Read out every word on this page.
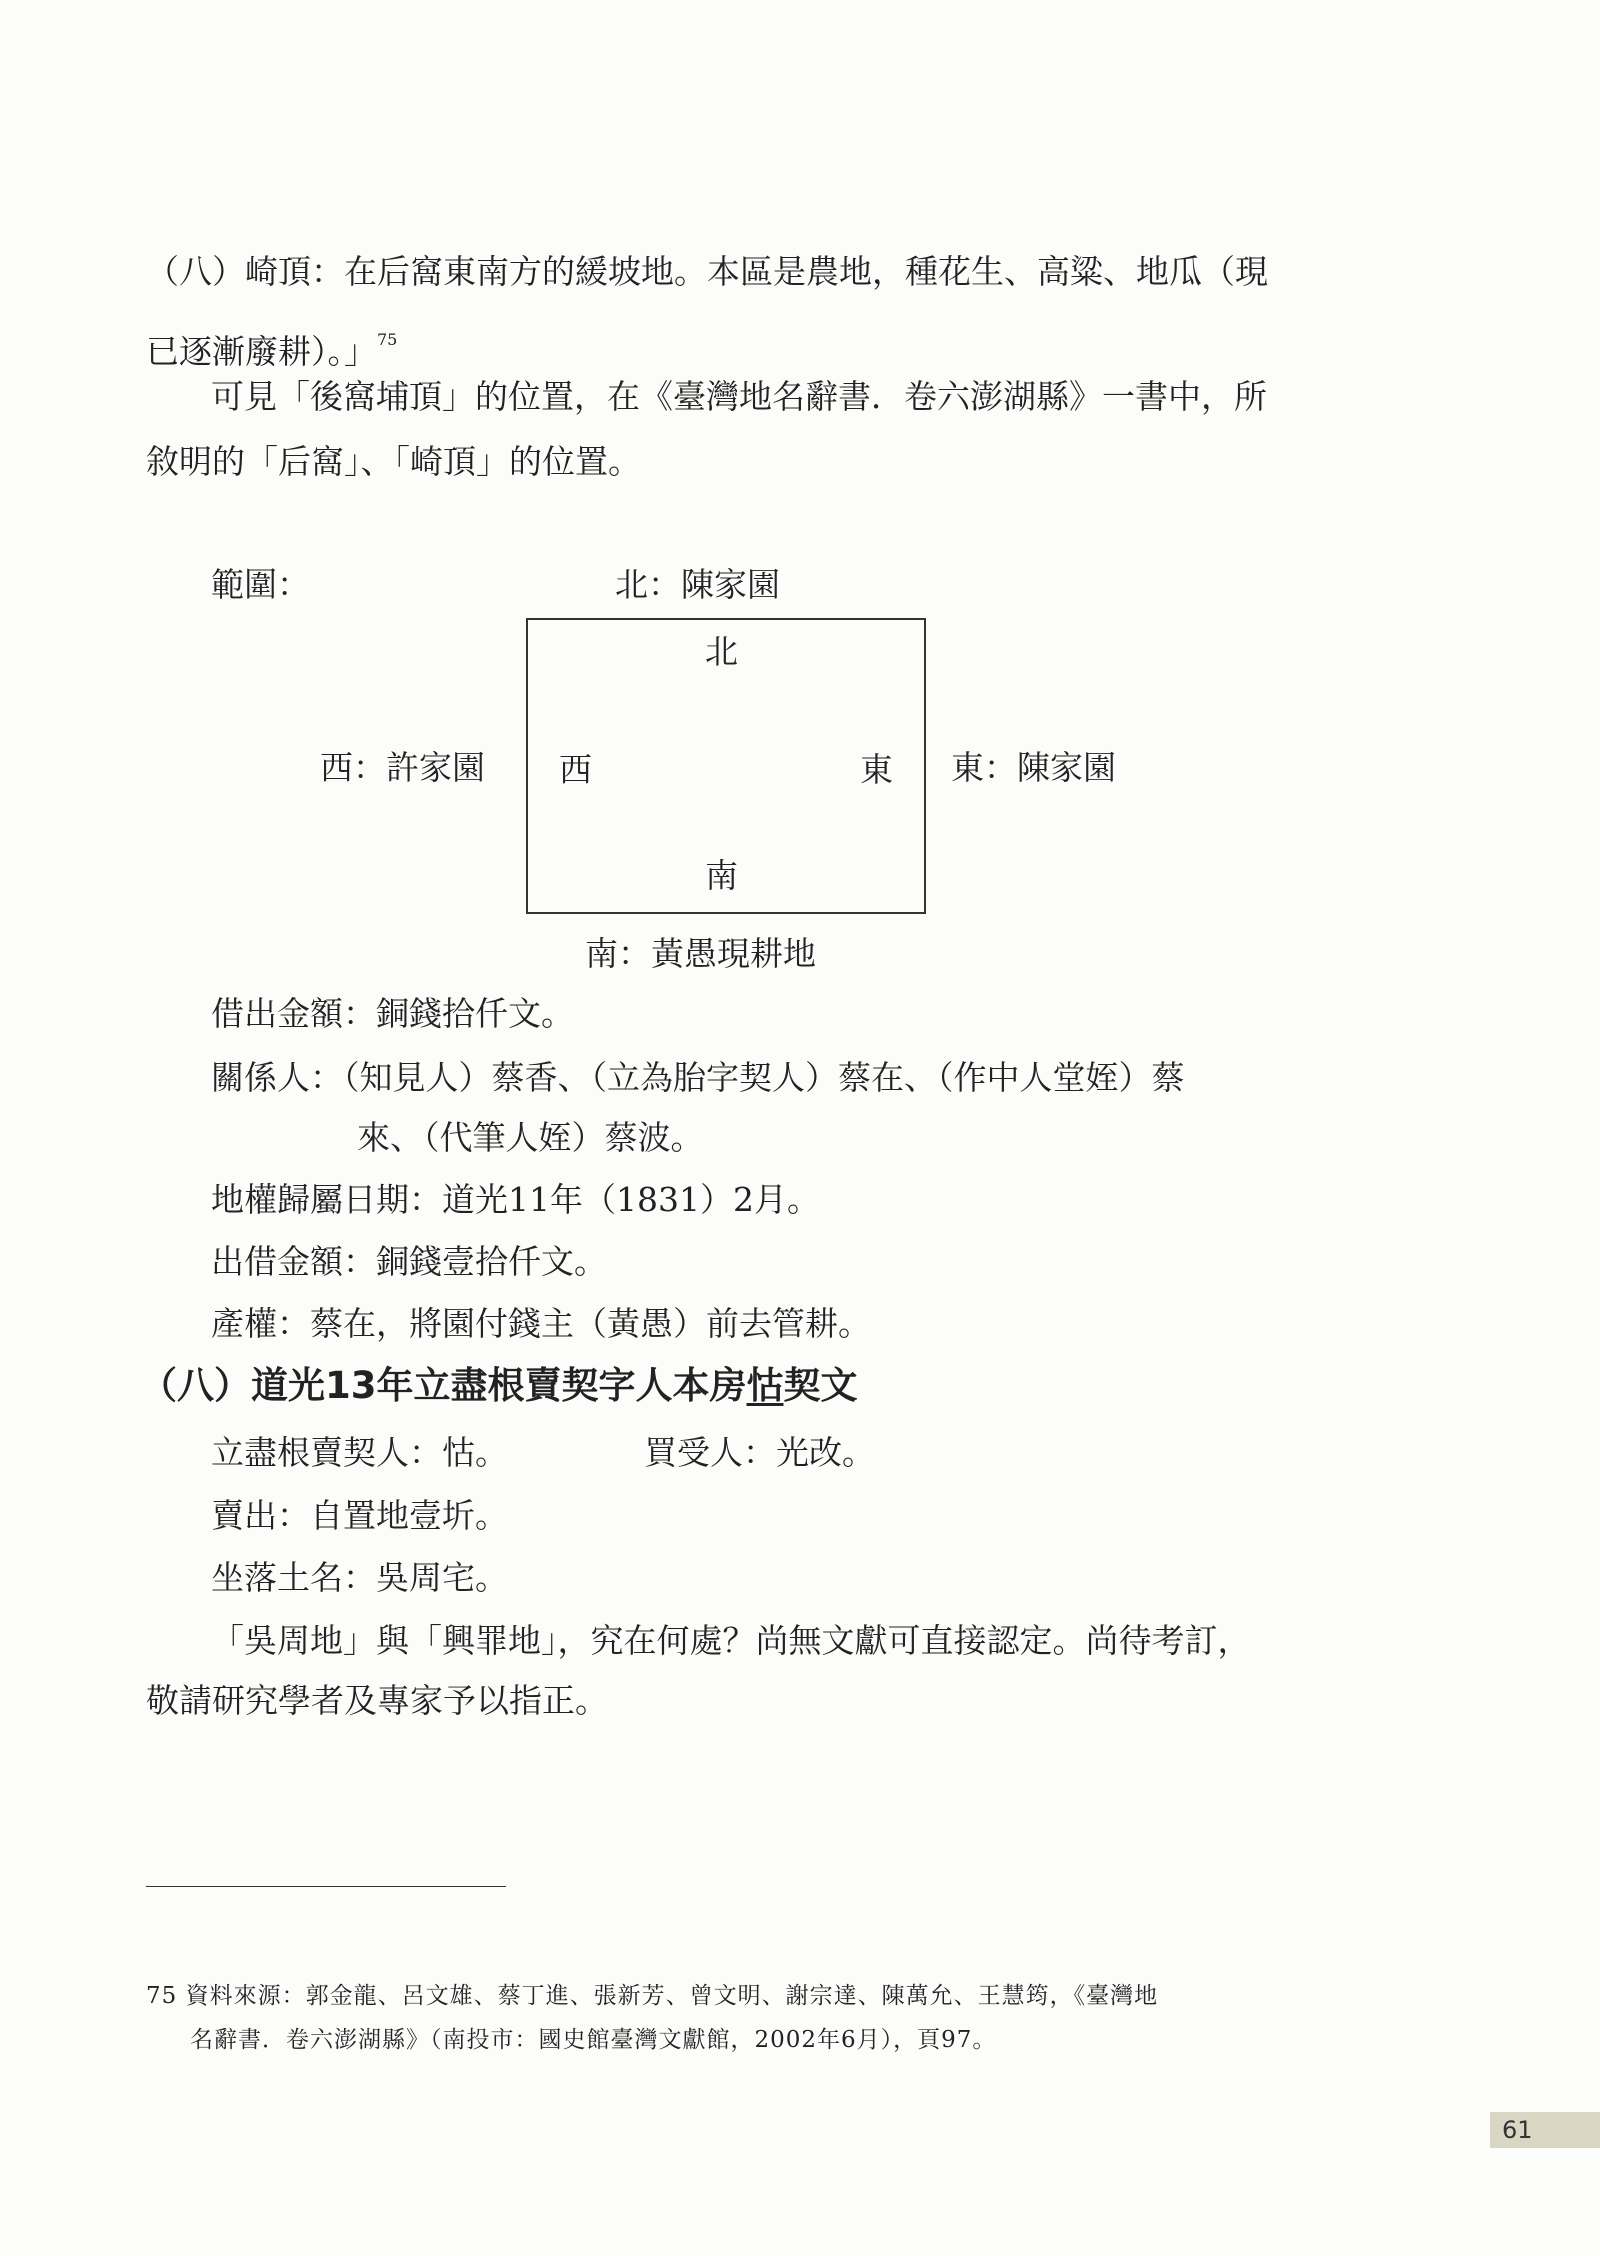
（八）崎頂：在后窩東南方的緩坡地。本區是農地，種花生、高粱、地瓜（現
已逐漸廢耕）。」$^{75}$
可見「後窩埔頂」的位置，在《臺灣地名辭書．卷六澎湖縣》一書中，所
敘明的「后窩」、「崎頂」的位置。
範圍：	北：陳家園
北
西：許家園 西	東 東：陳家園
南
南：黃愚現耕地
借出金額：銅錢拾仟文。
關係人：（知見人）蔡香、（立為胎字契人）蔡在、（作中人堂姪）蔡
來、（代筆人姪）蔡波。
地權歸屬日期：道光11年（1831）2月。
出借金額：銅錢壹拾仟文。
產權：蔡在，將園付錢主（黃愚）前去管耕。
（八）道光13年立盡根賣契字人本房怙契文
立盡根賣契人：怙。	買受人：光改。
賣出：自置地壹圻。
坐落土名：吳周宅。
「吳周地」與「興罪地」，究在何處？尚無文獻可直接認定。尚待考訂，
敬請研究學者及專家予以指正。
75 資料來源：郭金龍、呂文雄、蔡丁進、張新芳、曾文明、謝宗達、陳萬允、王慧筠，《臺灣地
名辭書．卷六澎湖縣》（南投市：國史館臺灣文獻館，2002年6月），頁97。
61
